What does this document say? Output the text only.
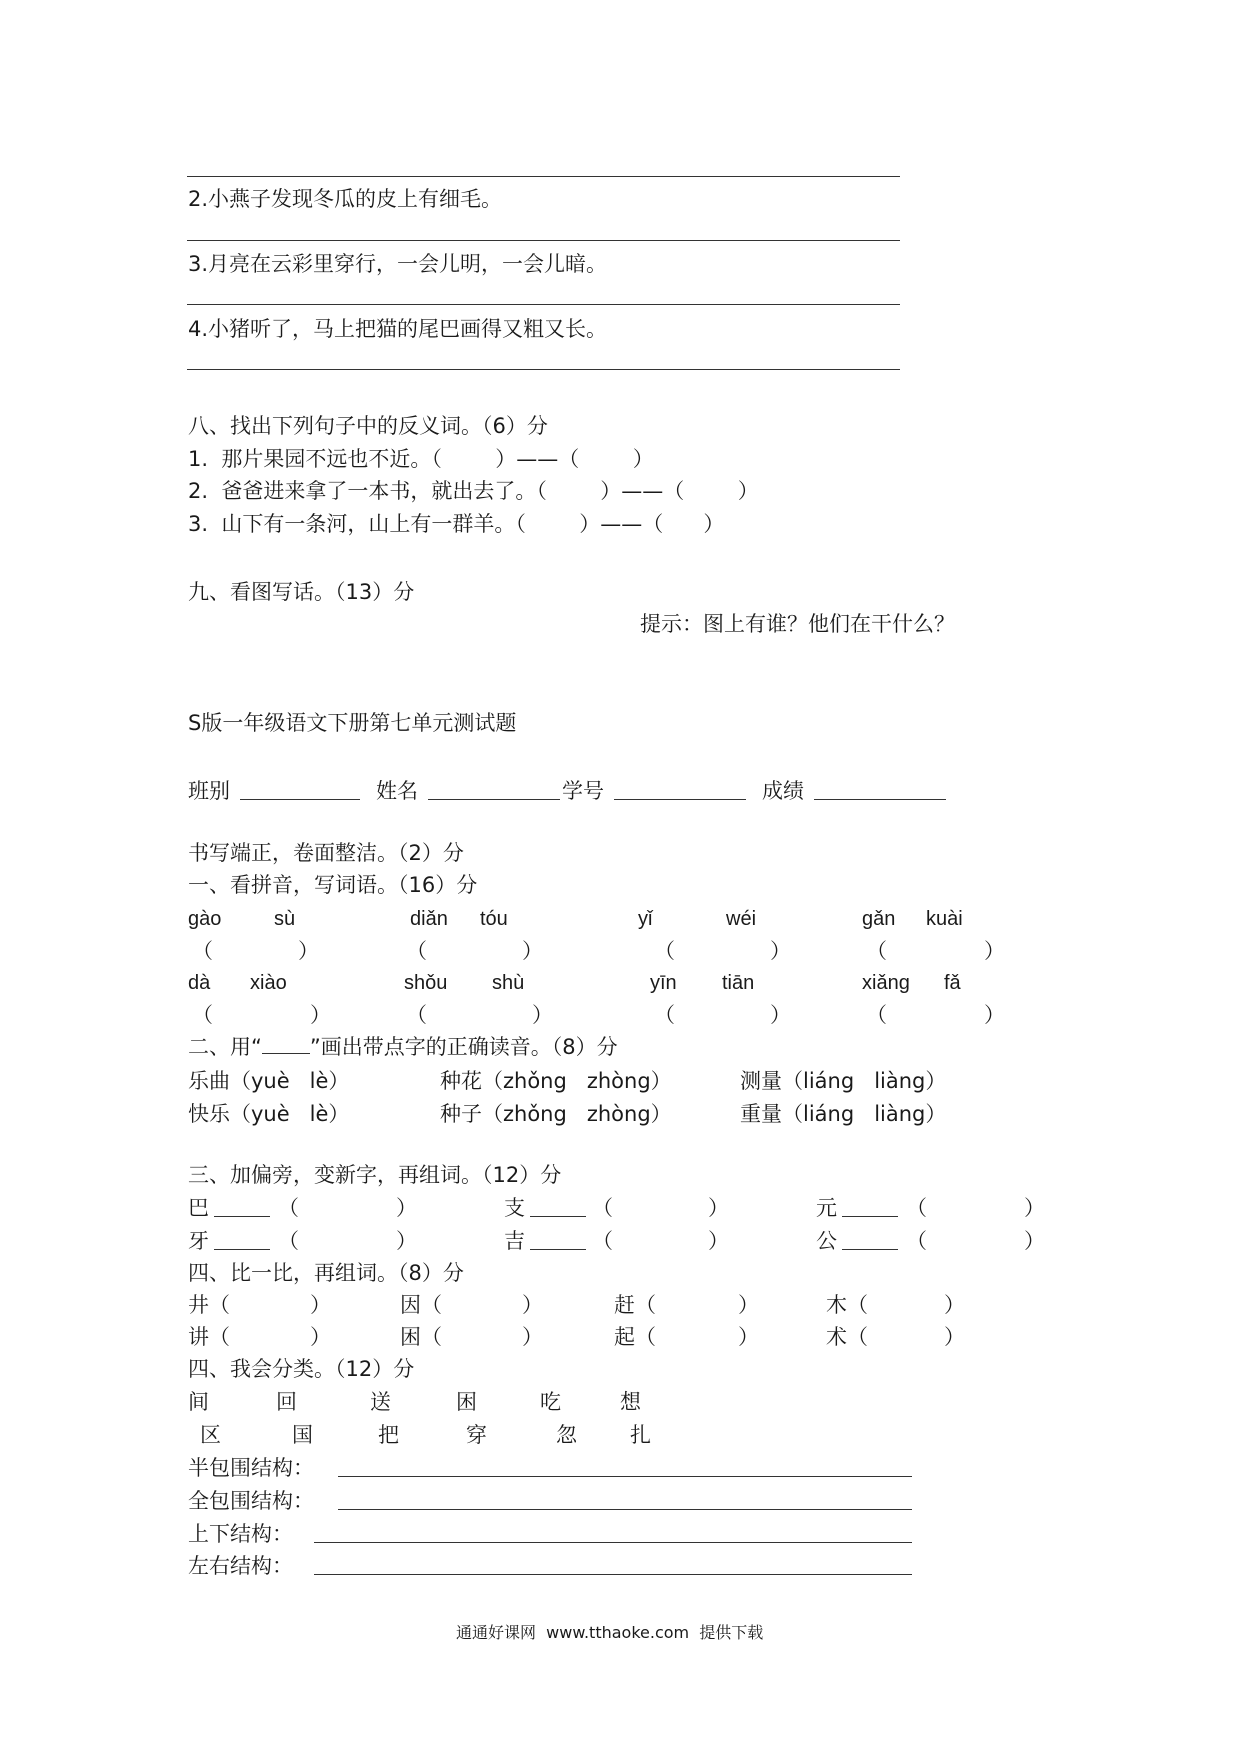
2.小燕子发现冬瓜的皮上有细毛。
3.月亮在云彩里穿行，一会儿明，一会儿暗。
4.小猪听了，马上把猫的尾巴画得又粗又长。
八、找出下列句子中的反义词。（6）分
1.  那片果园不远也不近。（        ）——（        ）
2.  爸爸进来拿了一本书，就出去了。（        ）——（        ）
3.  山下有一条河，山上有一群羊。（        ）——（      ）
九、看图写话。（13）分
提示：图上有谁？他们在干什么？
S版一年级语文下册第七单元测试题
班别	姓名	学号	成绩
书写端正，卷面整洁。（2）分
一、看拼音，写词语。（16）分
gào	sù	diǎn tóu	yǐ	wéi	gǎn kuài
（	）	（	）	（	）	（	）
dà xiào	shǒu shù	yīn tiān	xiǎng fǎ
（	）	（	）	（	）	（	）
二、用“ ”画出带点字的正确读音。（8）分
乐曲（yuè   lè）	种花（zhǒng   zhòng）	测量（liáng   liàng）
快乐（yuè   lè）	种子（zhǒng   zhòng）	重量（liáng   liàng）
三、加偏旁，变新字，再组词。（12）分
巴	（	）	支	（	）	元	（	）
牙	（	）	吉	（	）	公	（	）
四、比一比，再组词。（8）分
井（	）	因（	）	赶（	）	木（	）
讲（	）	困（	）	起（	）	术（	）
四、我会分类。（12）分
间	回	送	困	吃	想
区	国	把	穿	忽	扎
半包围结构：
全包围结构：
上下结构：
左右结构：
通通好课网  www.tthaoke.com  提供下载
